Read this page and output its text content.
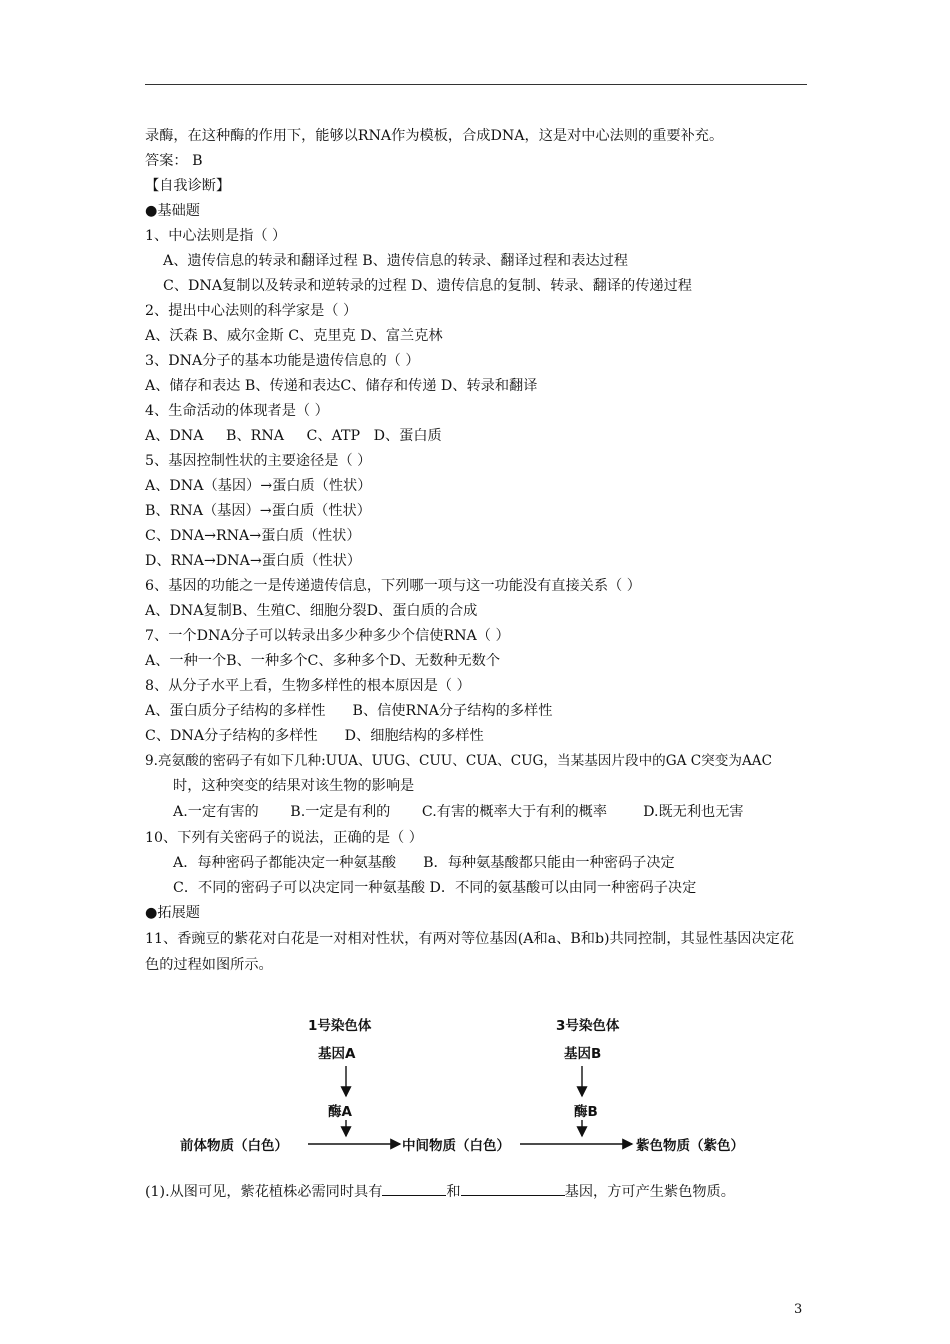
录酶，在这种酶的作用下，能够以RNA作为模板，合成DNA，这是对中心法则的重要补充。
答案： B
【自我诊断】
●基础题
1、中心法则是指（ ）
A、遗传信息的转录和翻译过程 B、遗传信息的转录、翻译过程和表达过程
C、DNA复制以及转录和逆转录的过程 D、遗传信息的复制、转录、翻译的传递过程
2、提出中心法则的科学家是（ ）
A、沃森 B、威尔金斯 C、克里克 D、富兰克林
3、DNA分子的基本功能是遗传信息的（ ）
A、储存和表达 B、传递和表达C、储存和传递 D、转录和翻译
4、生命活动的体现者是（ ）
A、DNA     B、RNA     C、ATP   D、蛋白质
5、基因控制性状的主要途径是（ ）
A、DNA（基因）→蛋白质（性状）
B、RNA（基因）→蛋白质（性状）
C、DNA→RNA→蛋白质（性状）
D、RNA→DNA→蛋白质（性状）
6、基因的功能之一是传递遗传信息，下列哪一项与这一功能没有直接关系（ ）
A、DNA复制B、生殖C、细胞分裂D、蛋白质的合成
7、一个DNA分子可以转录出多少种多少个信使RNA（ ）
A、一种一个B、一种多个C、多种多个D、无数种无数个
8、从分子水平上看，生物多样性的根本原因是（ ）
A、蛋白质分子结构的多样性      B、信使RNA分子结构的多样性
C、DNA分子结构的多样性      D、细胞结构的多样性
9.亮氨酸的密码子有如下几种:UUA、UUG、CUU、CUA、CUG，当某基因片段中的GA C突变为AAC
时，这种突变的结果对该生物的影响是
A.一定有害的       B.一定是有利的       C.有害的概率大于有利的概率        D.既无利也无害
10、下列有关密码子的说法，正确的是（ ）
A．每种密码子都能决定一种氨基酸      B．每种氨基酸都只能由一种密码子决定
C．不同的密码子可以决定同一种氨基酸 D．不同的氨基酸可以由同一种密码子决定
●拓展题
11、香豌豆的紫花对白花是一对相对性状，有两对等位基因(A和a、B和b)共同控制，其显性基因决定花色的过程如图所示。
1号染色体
基因A
酶A
3号染色体
基因B
酶B
前体物质（白色）	中间物质（白色）	紫色物质（紫色）
(1).从图可见，紫花植株必需同时具有	和	基因，方可产生紫色物质。
3
